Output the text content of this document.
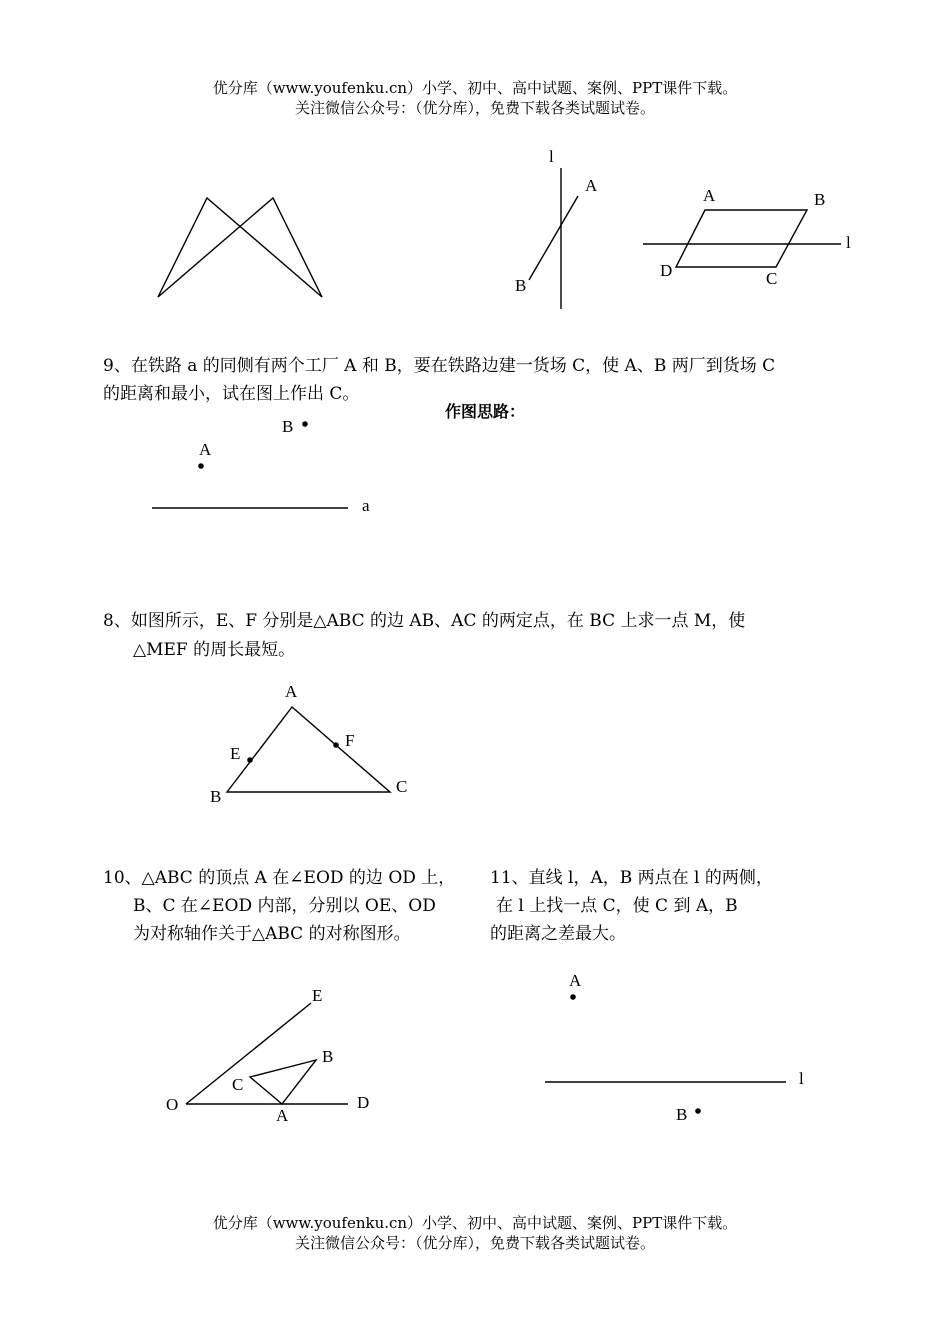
优分库（www.youfenku.cn）小学、初中、高中试题、案例、PPT课件下载。
关注微信公众号：（优分库），免费下载各类试题试卷。
l
A
B
A	B
C
D
l
9、在铁路 a 的同侧有两个工厂 A 和 B，要在铁路边建一货场 C，使 A、B 两厂到货场 C
的距离和最小，试在图上作出 C。
作图思路：
A
B
a
8、如图所示，E、F 分别是△ABC 的边 AB、AC 的两定点，在 BC 上求一点 M，使
△MEF 的周长最短。
A
B
C
E
F
10、△ABC 的顶点 A 在∠EOD 的边 OD 上，
B、C 在∠EOD 内部，分别以 OE、OD
为对称轴作关于△ABC 的对称图形。
O
E
D
A
B
C
11、直线 l，A，B 两点在 l 的两侧，
在 l 上找一点 C，使 C 到 A，B
的距离之差最大。
A
B
l
优分库（www.youfenku.cn）小学、初中、高中试题、案例、PPT课件下载。
关注微信公众号：（优分库），免费下载各类试题试卷。
